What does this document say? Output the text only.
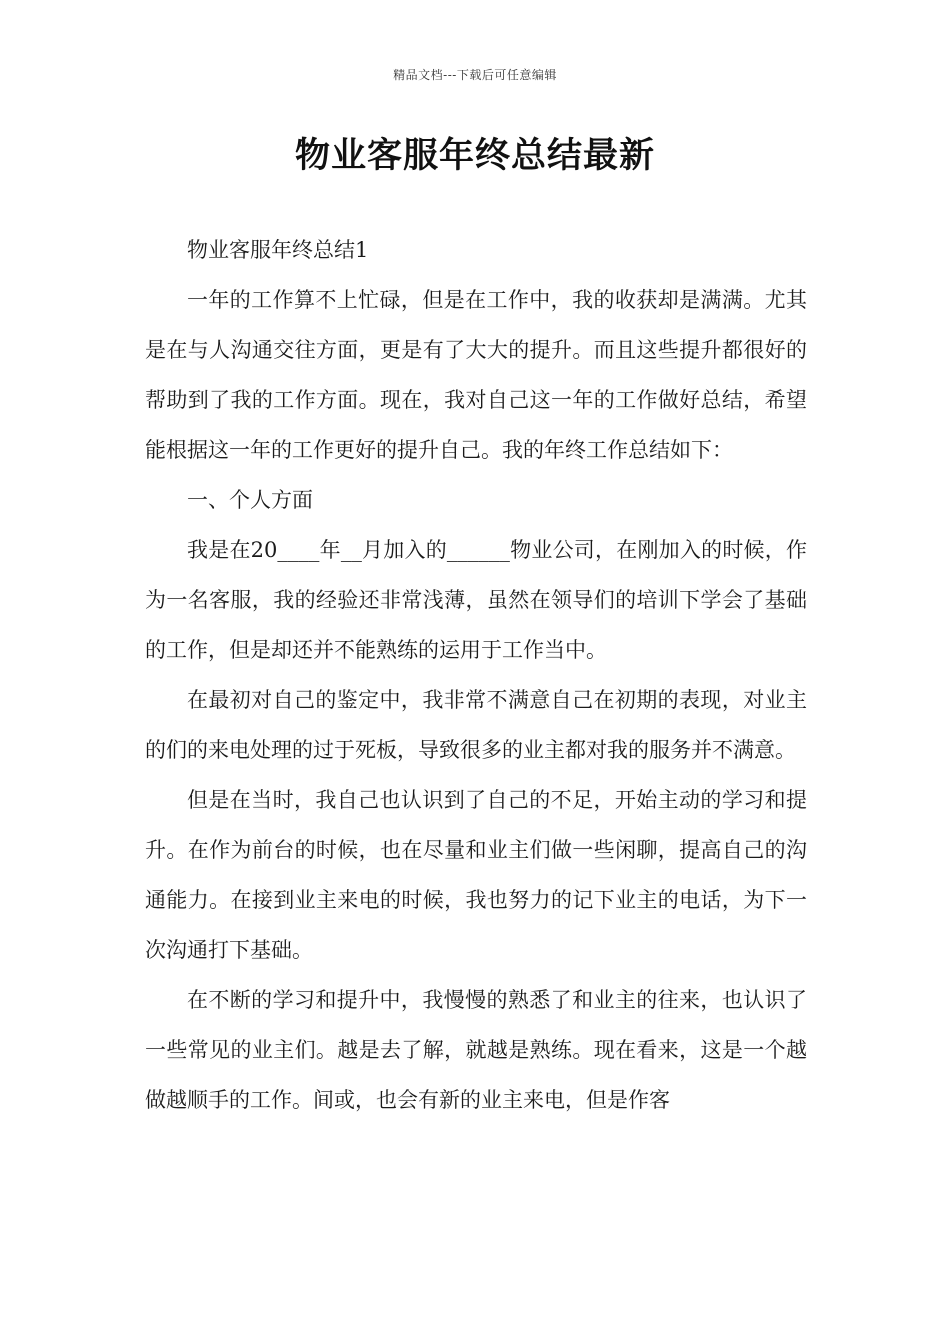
精品文档---下载后可任意编辑
物业客服年终总结最新

物业客服年终总结1

一年的工作算不上忙碌，但是在工作中，我的收获却是满满。尤其是在与人沟通交往方面，更是有了大大的提升。而且这些提升都很好的帮助到了我的工作方面。现在，我对自己这一年的工作做好总结，希望能根据这一年的工作更好的提升自己。我的年终工作总结如下：

一、个人方面

我是在20____年__月加入的______物业公司，在刚加入的时候，作为一名客服，我的经验还非常浅薄，虽然在领导们的培训下学会了基础的工作，但是却还并不能熟练的运用于工作当中。

在最初对自己的鉴定中，我非常不满意自己在初期的表现，对业主的们的来电处理的过于死板，导致很多的业主都对我的服务并不满意。

但是在当时，我自己也认识到了自己的不足，开始主动的学习和提升。在作为前台的时候，也在尽量和业主们做一些闲聊，提高自己的沟通能力。在接到业主来电的时候，我也努力的记下业主的电话，为下一次沟通打下基础。

在不断的学习和提升中，我慢慢的熟悉了和业主的往来，也认识了一些常见的业主们。越是去了解，就越是熟练。现在看来，这是一个越做越顺手的工作。间或，也会有新的业主来电，但是作客
